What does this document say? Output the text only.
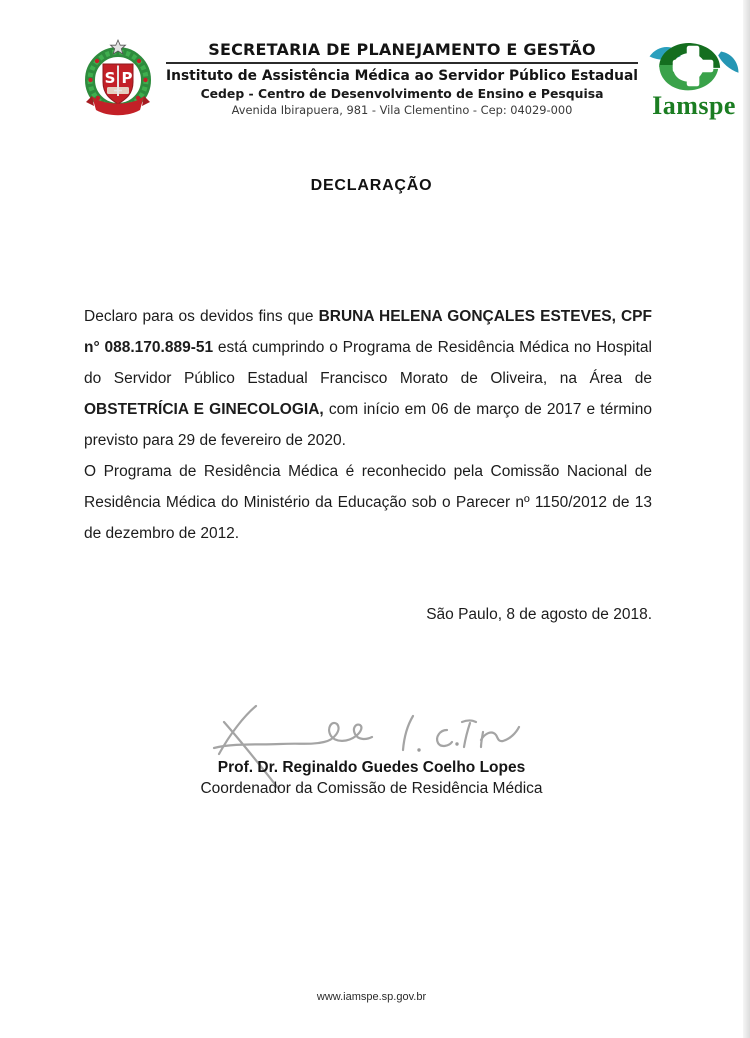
S P
SECRETARIA DE PLANEJAMENTO E GESTÃO
Instituto de Assistência Médica ao Servidor Público Estadual
Cedep - Centro de Desenvolvimento de Ensino e Pesquisa
Avenida Ibirapuera, 981 - Vila Clementino - Cep: 04029-000	Iamspe
DECLARAÇÃO

Declaro para os devidos fins que BRUNA HELENA GONÇALES ESTEVES, CPF n° 088.170.889-51 está cumprindo o Programa de Residência Médica no Hospital do Servidor Público Estadual Francisco Morato de Oliveira, na Área de OBSTETRÍCIA E GINECOLOGIA, com início em 06 de março de 2017 e término previsto para 29 de fevereiro de 2020.

O Programa de Residência Médica é reconhecido pela Comissão Nacional de Residência Médica do Ministério da Educação sob o Parecer nº 1150/2012 de 13 de dezembro de 2012.

São Paulo, 8 de agosto de 2018.
Prof. Dr. Reginaldo Guedes Coelho Lopes
Coordenador da Comissão de Residência Médica
www.iamspe.sp.gov.br
